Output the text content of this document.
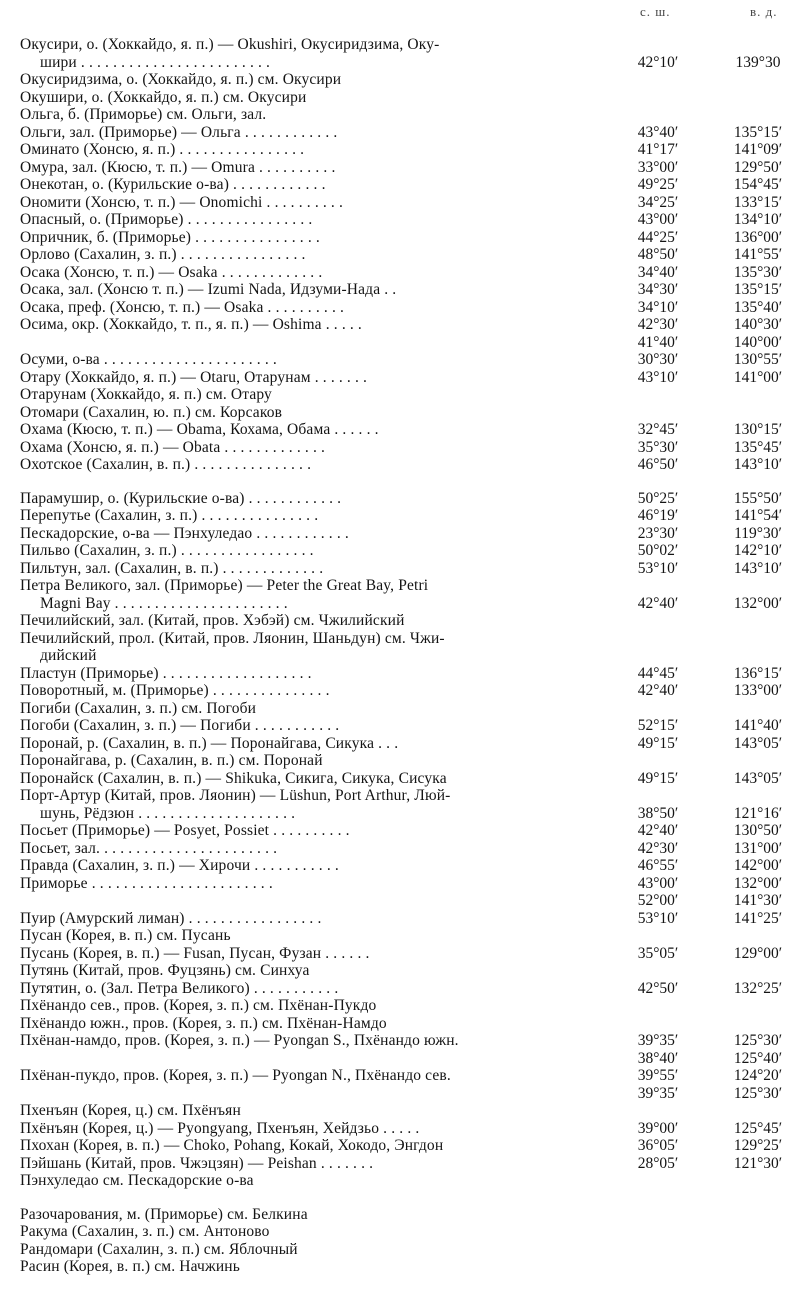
с. ш.	в. д.
Окусири, о. (Хоккайдо, я. п.) — Okushiri, Окусиридзима, Оку-
шири . . . . . . . . . . . . . . . . . . . . . . . .	42°10′	139°30
Окусиридзима, о. (Хоккайдо, я. п.) см. Окусири
Окушири, о. (Хоккайдо, я. п.) см. Окусири
Ольга, б. (Приморье) см. Ольги, зал.
Ольги, зал. (Приморье) — Ольга . . . . . . . . . . . .	43°40′	135°15′
Оминато (Хонсю, я. п.) . . . . . . . . . . . . . . . .	41°17′	141°09′
Омура, зал. (Кюсю, т. п.) — Omura . . . . . . . . . .	33°00′	129°50′
Онекотан, о. (Курильские о-ва) . . . . . . . . . . . .	49°25′	154°45′
Ономити (Хонсю, т. п.) — Onomichi . . . . . . . . . .	34°25′	133°15′
Опасный, о. (Приморье) . . . . . . . . . . . . . . . .	43°00′	134°10′
Опричник, б. (Приморье) . . . . . . . . . . . . . . . .	44°25′	136°00′
Орлово (Сахалин, з. п.) . . . . . . . . . . . . . . . .	48°50′	141°55′
Осака (Хонсю, т. п.) — Osaka . . . . . . . . . . . . .	34°40′	135°30′
Осака, зал. (Хонсю т. п.) — Izumi Nada, Идзуми-Нада . .	34°30′	135°15′
Осака, преф. (Хонсю, т. п.) — Osaka . . . . . . . . . .	34°10′	135°40′
Осима, окр. (Хоккайдо, т. п., я. п.) — Oshima . . . . .	42°30′	140°30′
41°40′	140°00′
Осуми, о-ва . . . . . . . . . . . . . . . . . . . . . .	30°30′	130°55′
Отару (Хоккайдо, я. п.) — Otaru, Отарунам . . . . . . .	43°10′	141°00′
Отарунам (Хоккайдо, я. п.) см. Отару
Отомари (Сахалин, ю. п.) см. Корсаков
Охама (Кюсю, т. п.) — Obama, Кохама, Обама . . . . . .	32°45′	130°15′
Охама (Хонсю, я. п.) — Obata . . . . . . . . . . . . .	35°30′	135°45′
Охотское (Сахалин, в. п.) . . . . . . . . . . . . . . .	46°50′	143°10′
Парамушир, о. (Курильские о-ва) . . . . . . . . . . . .	50°25′	155°50′
Перепутье (Сахалин, з. п.) . . . . . . . . . . . . . . .	46°19′	141°54′
Пескадорские, о-ва — Пэнхуледао . . . . . . . . . . . .	23°30′	119°30′
Пильво (Сахалин, з. п.) . . . . . . . . . . . . . . . . .	50°02′	142°10′
Пильтун, зал. (Сахалин, в. п.) . . . . . . . . . . . . .	53°10′	143°10′
Петра Великого, зал. (Приморье) — Peter the Great Bay, Petri
Magni Bay . . . . . . . . . . . . . . . . . . . . . .	42°40′	132°00′
Печилийский, зал. (Китай, пров. Хэбэй) см. Чжилийский
Печилийский, прол. (Китай, пров. Ляонин, Шаньдун) см. Чжи-
дийский
Пластун (Приморье) . . . . . . . . . . . . . . . . . . .	44°45′	136°15′
Поворотный, м. (Приморье) . . . . . . . . . . . . . . .	42°40′	133°00′
Погиби (Сахалин, з. п.) см. Погоби
Погоби (Сахалин, з. п.) — Погиби . . . . . . . . . . .	52°15′	141°40′
Поронай, р. (Сахалин, в. п.) — Поронайгава, Сикука . . .	49°15′	143°05′
Поронайгава, р. (Сахалин, в. п.) см. Поронай
Поронайск (Сахалин, в. п.) — Shikuka, Сикига, Сикука, Сисука	49°15′	143°05′
Порт-Артур (Китай, пров. Ляонин) — Lüshun, Port Arthur, Люй-
шунь, Рёдзюн . . . . . . . . . . . . . . . . . . . .	38°50′	121°16′
Посьет (Приморье) — Posyet, Possiet . . . . . . . . . .	42°40′	130°50′
Посьет, зал. . . . . . . . . . . . . . . . . . . . . . .	42°30′	131°00′
Правда (Сахалин, з. п.) — Хирочи . . . . . . . . . . .	46°55′	142°00′
Приморье . . . . . . . . . . . . . . . . . . . . . . .	43°00′	132°00′
52°00′	141°30′
Пуир (Амурский лиман) . . . . . . . . . . . . . . . . .	53°10′	141°25′
Пусан (Корея, в. п.) см. Пусань
Пусань (Корея, в. п.) — Fusan, Пусан, Фузан . . . . . .	35°05′	129°00′
Путянь (Китай, пров. Фуцзянь) см. Синхуа
Путятин, о. (Зал. Петра Великого) . . . . . . . . . . .	42°50′	132°25′
Пхёнандо сев., пров. (Корея, з. п.) см. Пхёнан-Пукдо
Пхёнандо южн., пров. (Корея, з. п.) см. Пхёнан-Намдо
Пхёнан-намдо, пров. (Корея, з. п.) — Pyongan S., Пхёнандо южн.	39°35′	125°30′
38°40′	125°40′
Пхёнан-пукдо, пров. (Корея, з. п.) — Pyongan N., Пхёнандо сев.	39°55′	124°20′
39°35′	125°30′
Пхенъян (Корея, ц.) см. Пхёнъян
Пхёнъян (Корея, ц.) — Pyongyang, Пхенъян, Хейдзьо . . . . .	39°00′	125°45′
Пхохан (Корея, в. п.) — Choko, Pohang, Кокай, Хокодо, Энгдон	36°05′	129°25′
Пэйшань (Китай, пров. Чжэцзян) — Peishan . . . . . . .	28°05′	121°30′
Пэнхуледао см. Пескадорские о-ва
Разочарования, м. (Приморье) см. Белкина
Ракума (Сахалин, з. п.) см. Антоново
Рандомари (Сахалин, з. п.) см. Яблочный
Расин (Корея, в. п.) см. Начжинь
